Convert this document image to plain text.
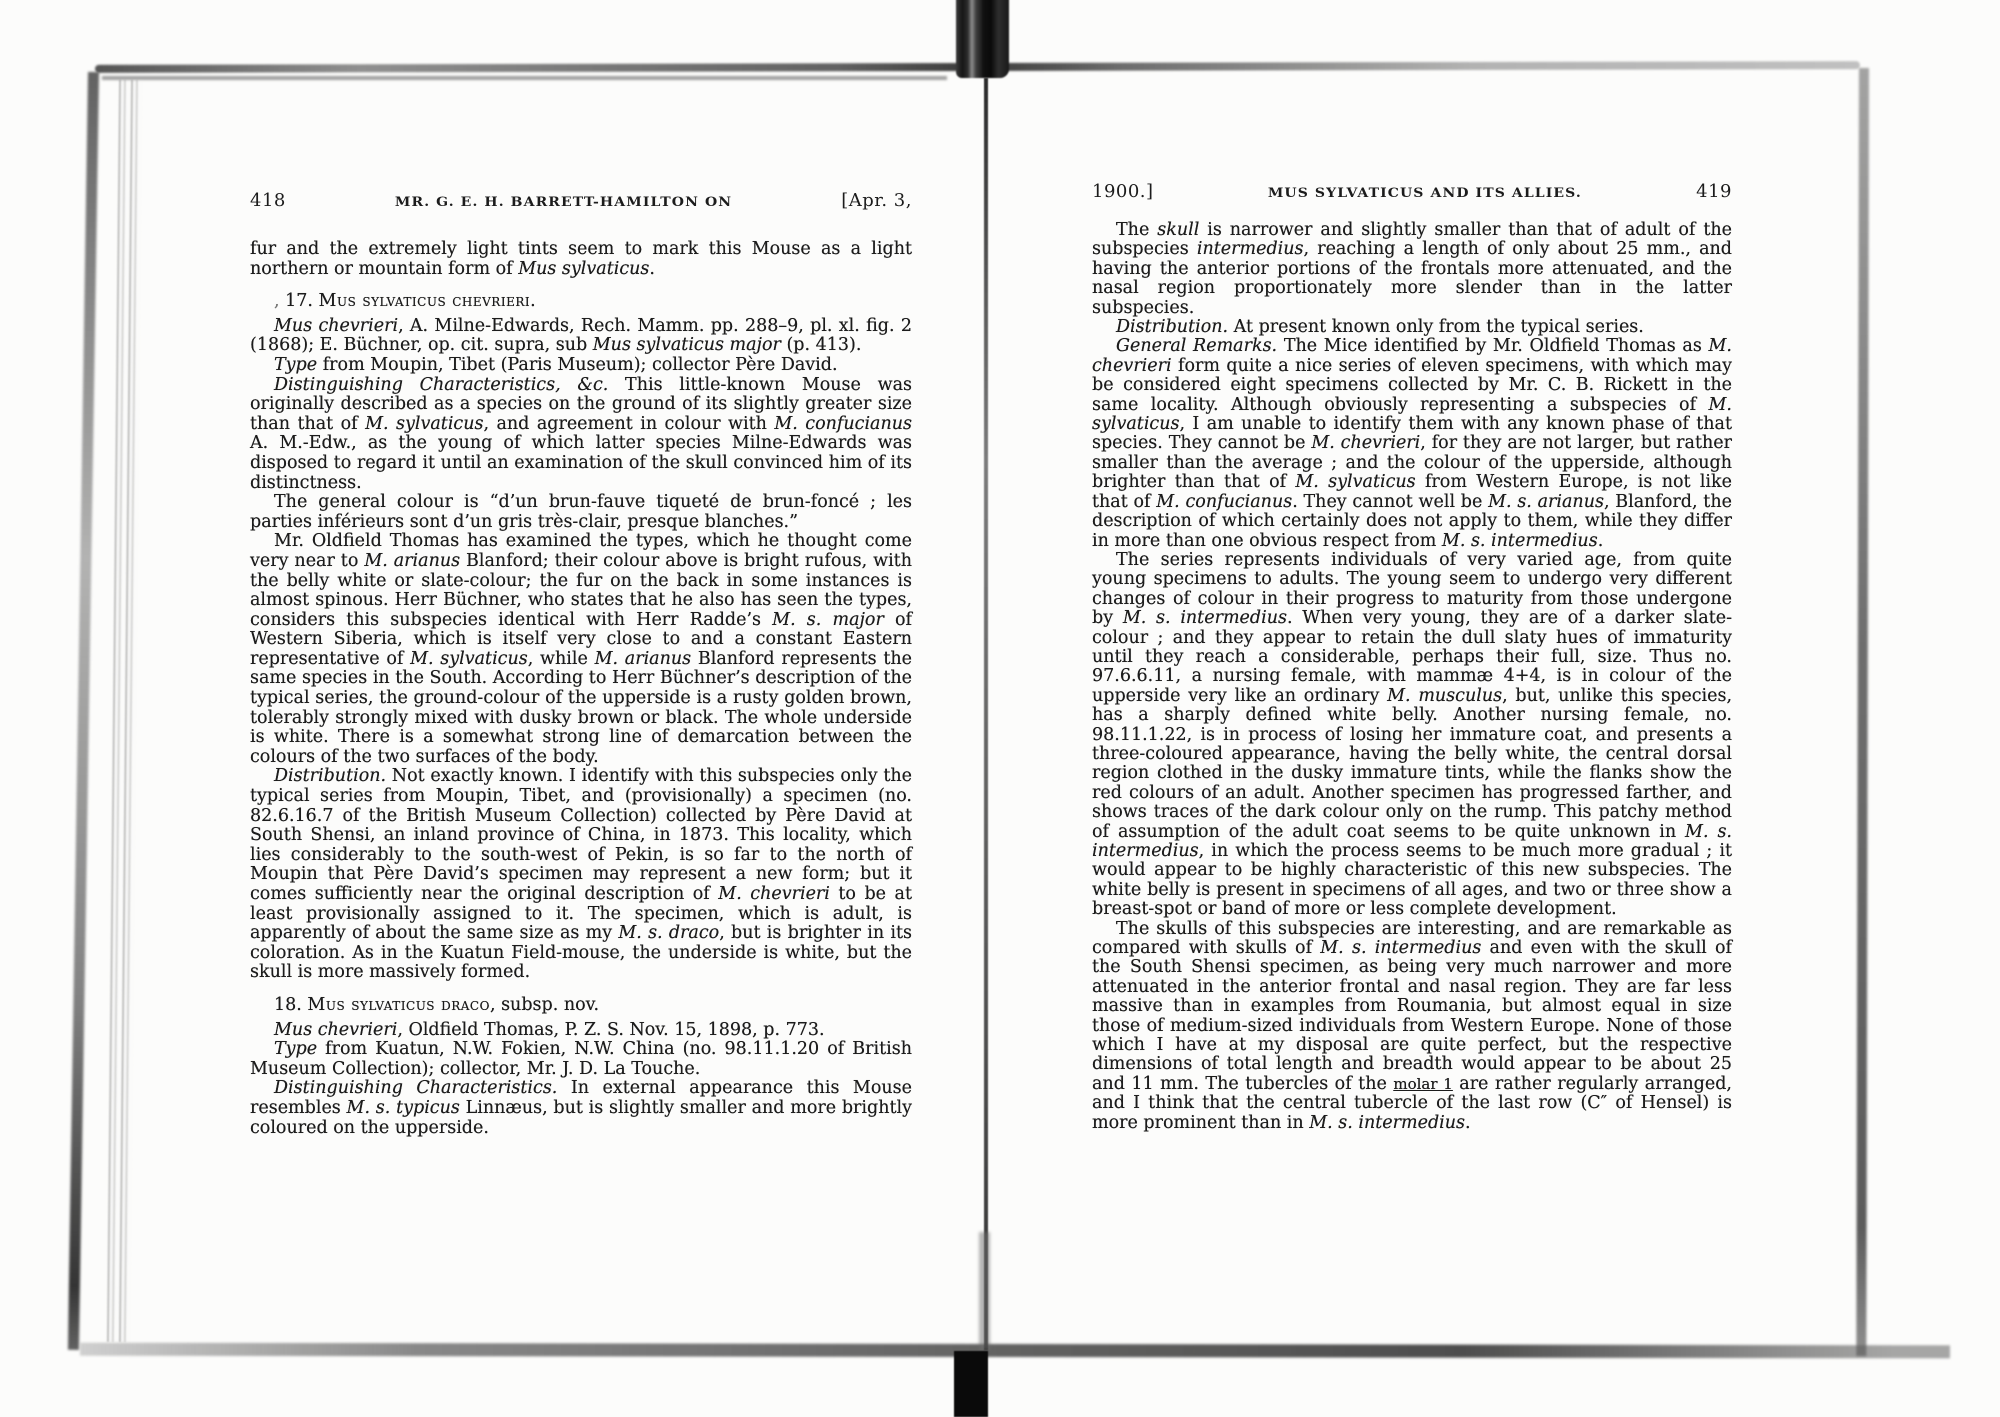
418	MR. G. E. H. BARRETT-HAMILTON ON	[Apr. 3,

fur and the extremely light tints seem to mark this Mouse as a light northern or mountain form of Mus sylvaticus.

, 17. Mus sylvaticus chevrieri.

Mus chevrieri, A. Milne-Edwards, Rech. Mamm. pp. 288–9, pl. xl. fig. 2 (1868); E. Büchner, op. cit. supra, sub Mus sylvaticus major (p. 413).

Type from Moupin, Tibet (Paris Museum); collector Père David.

Distinguishing Characteristics, &c. This little-known Mouse was originally described as a species on the ground of its slightly greater size than that of M. sylvaticus, and agreement in colour with M. confucianus A. M.-Edw., as the young of which latter species Milne-Edwards was disposed to regard it until an examination of the skull convinced him of its distinctness.

The general colour is “d’un brun-fauve tiqueté de brun-foncé ; les parties inférieurs sont d’un gris très-clair, presque blanches.”

Mr. Oldfield Thomas has examined the types, which he thought come very near to M. arianus Blanford; their colour above is bright rufous, with the belly white or slate-colour; the fur on the back in some instances is almost spinous. Herr Büchner, who states that he also has seen the types, considers this subspecies identical with Herr Radde’s M. s. major of Western Siberia, which is itself very close to and a constant Eastern representative of M. sylvaticus, while M. arianus Blanford represents the same species in the South. According to Herr Büchner’s description of the typical series, the ground-colour of the upperside is a rusty golden brown, tolerably strongly mixed with dusky brown or black. The whole underside is white. There is a somewhat strong line of demarcation between the colours of the two surfaces of the body.

Distribution. Not exactly known. I identify with this subspecies only the typical series from Moupin, Tibet, and (provisionally) a specimen (no. 82.6.16.7 of the British Museum Collection) collected by Père David at South Shensi, an inland province of China, in 1873. This locality, which lies considerably to the south-west of Pekin, is so far to the north of Moupin that Père David’s specimen may represent a new form; but it comes sufficiently near the original description of M. chevrieri to be at least provisionally assigned to it. The specimen, which is adult, is apparently of about the same size as my M. s. draco, but is brighter in its coloration. As in the Kuatun Field-mouse, the underside is white, but the skull is more massively formed.

18. Mus sylvaticus draco, subsp. nov.

Mus chevrieri, Oldfield Thomas, P. Z. S. Nov. 15, 1898, p. 773.

Type from Kuatun, N.W. Fokien, N.W. China (no. 98.11.1.20 of British Museum Collection); collector, Mr. J. D. La Touche.

Distinguishing Characteristics. In external appearance this Mouse resembles M. s. typicus Linnæus, but is slightly smaller and more brightly coloured on the upperside.

1900.]	MUS SYLVATICUS AND ITS ALLIES.	419

The skull is narrower and slightly smaller than that of adult of the subspecies intermedius, reaching a length of only about 25 mm., and having the anterior portions of the frontals more attenuated, and the nasal region proportionately more slender than in the latter subspecies.

Distribution. At present known only from the typical series.

General Remarks. The Mice identified by Mr. Oldfield Thomas as M. chevrieri form quite a nice series of eleven specimens, with which may be considered eight specimens collected by Mr. C. B. Rickett in the same locality. Although obviously representing a subspecies of M. sylvaticus, I am unable to identify them with any known phase of that species. They cannot be M. chevrieri, for they are not larger, but rather smaller than the average ; and the colour of the upperside, although brighter than that of M. sylvaticus from Western Europe, is not like that of M. confucianus. They cannot well be M. s. arianus, Blanford, the description of which certainly does not apply to them, while they differ in more than one obvious respect from M. s. intermedius.

The series represents individuals of very varied age, from quite young specimens to adults. The young seem to undergo very different changes of colour in their progress to maturity from those undergone by M. s. intermedius. When very young, they are of a darker slate-colour ; and they appear to retain the dull slaty hues of immaturity until they reach a considerable, perhaps their full, size. Thus no. 97.6.6.11, a nursing female, with mammæ 4+4, is in colour of the upperside very like an ordinary M. musculus, but, unlike this species, has a sharply defined white belly. Another nursing female, no. 98.11.1.22, is in process of losing her immature coat, and presents a three-coloured appearance, having the belly white, the central dorsal region clothed in the dusky immature tints, while the flanks show the red colours of an adult. Another specimen has progressed farther, and shows traces of the dark colour only on the rump. This patchy method of assumption of the adult coat seems to be quite unknown in M. s. intermedius, in which the process seems to be much more gradual ; it would appear to be highly characteristic of this new subspecies. The white belly is present in specimens of all ages, and two or three show a breast-spot or band of more or less complete development.

The skulls of this subspecies are interesting, and are remarkable as compared with skulls of M. s. intermedius and even with the skull of the South Shensi specimen, as being very much narrower and more attenuated in the anterior frontal and nasal region. They are far less massive than in examples from Roumania, but almost equal in size those of medium-sized individuals from Western Europe. None of those which I have at my disposal are quite perfect, but the respective dimensions of total length and breadth would appear to be about 25 and 11 mm. The tubercles of the molar 1 are rather regularly arranged, and I think that the central tubercle of the last row (C″ of Hensel) is more prominent than in M. s. intermedius.
